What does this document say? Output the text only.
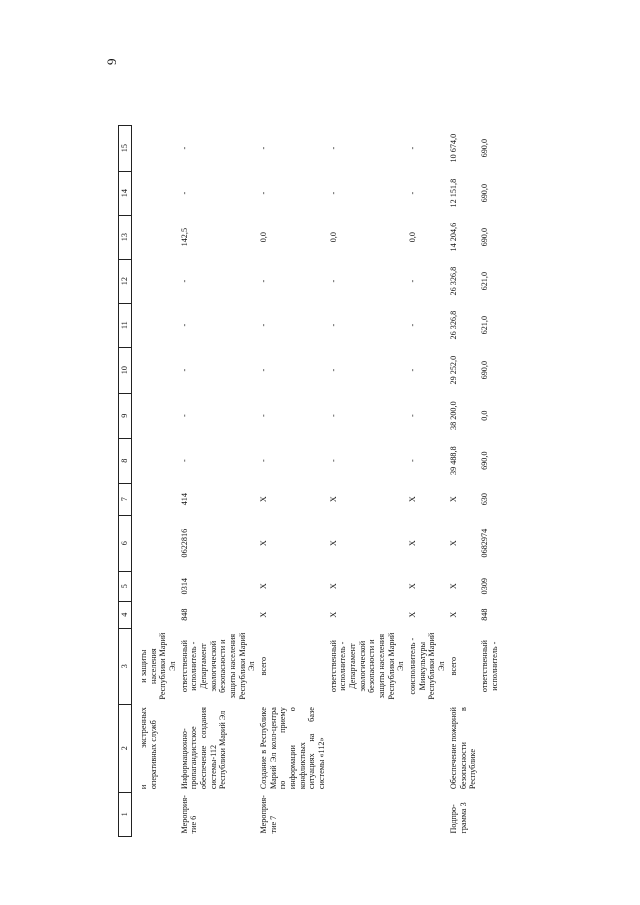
9
1	2	3	4	5	6	7	8	9	10	11	12	13	14	15

	и экстренных оперативных служб	и защиты населения Республики Марий Эл												
Мероприя-тие 6	Информационно-пропагандистское обеспечение создания системы-112 Республики Марий Эл	ответственный исполнитель - Департамент экологической безопасности и защиты населения Республики Марий Эл	848	0314	0622816	414	-	-	-	-	-	142,5	-	-
Мероприя-тие 7	Создание в Республике Марий Эл колл-центра по приему информации о конфликтных ситуациях на базе системы «112»	всего	Х	Х	Х	Х	-	-	-	-	-	0,0	-	-
		ответственный исполнитель - Департамент экологической безопасности и защиты населения Республики Марий Эл	Х	Х	Х	Х	-	-	-	-	-	0,0	-	-
		соисполнитель - Минкультуры Республики Марий Эл	Х	Х	Х	Х	-	-	-	-	-	0,0	-	-
Подпро-грамма 3	Обеспечение пожарной безопасности в Республике	всего	Х	Х	Х	Х	39 488,8	38 200,0	29 252,0	26 326,8	26 326,8	14 204,6	12 151,8	10 674,0
		ответственный исполнитель -	848	0309	0682974	630	690,0	0,0	690,0	621,0	621,0	690,0	690,0	690,0
